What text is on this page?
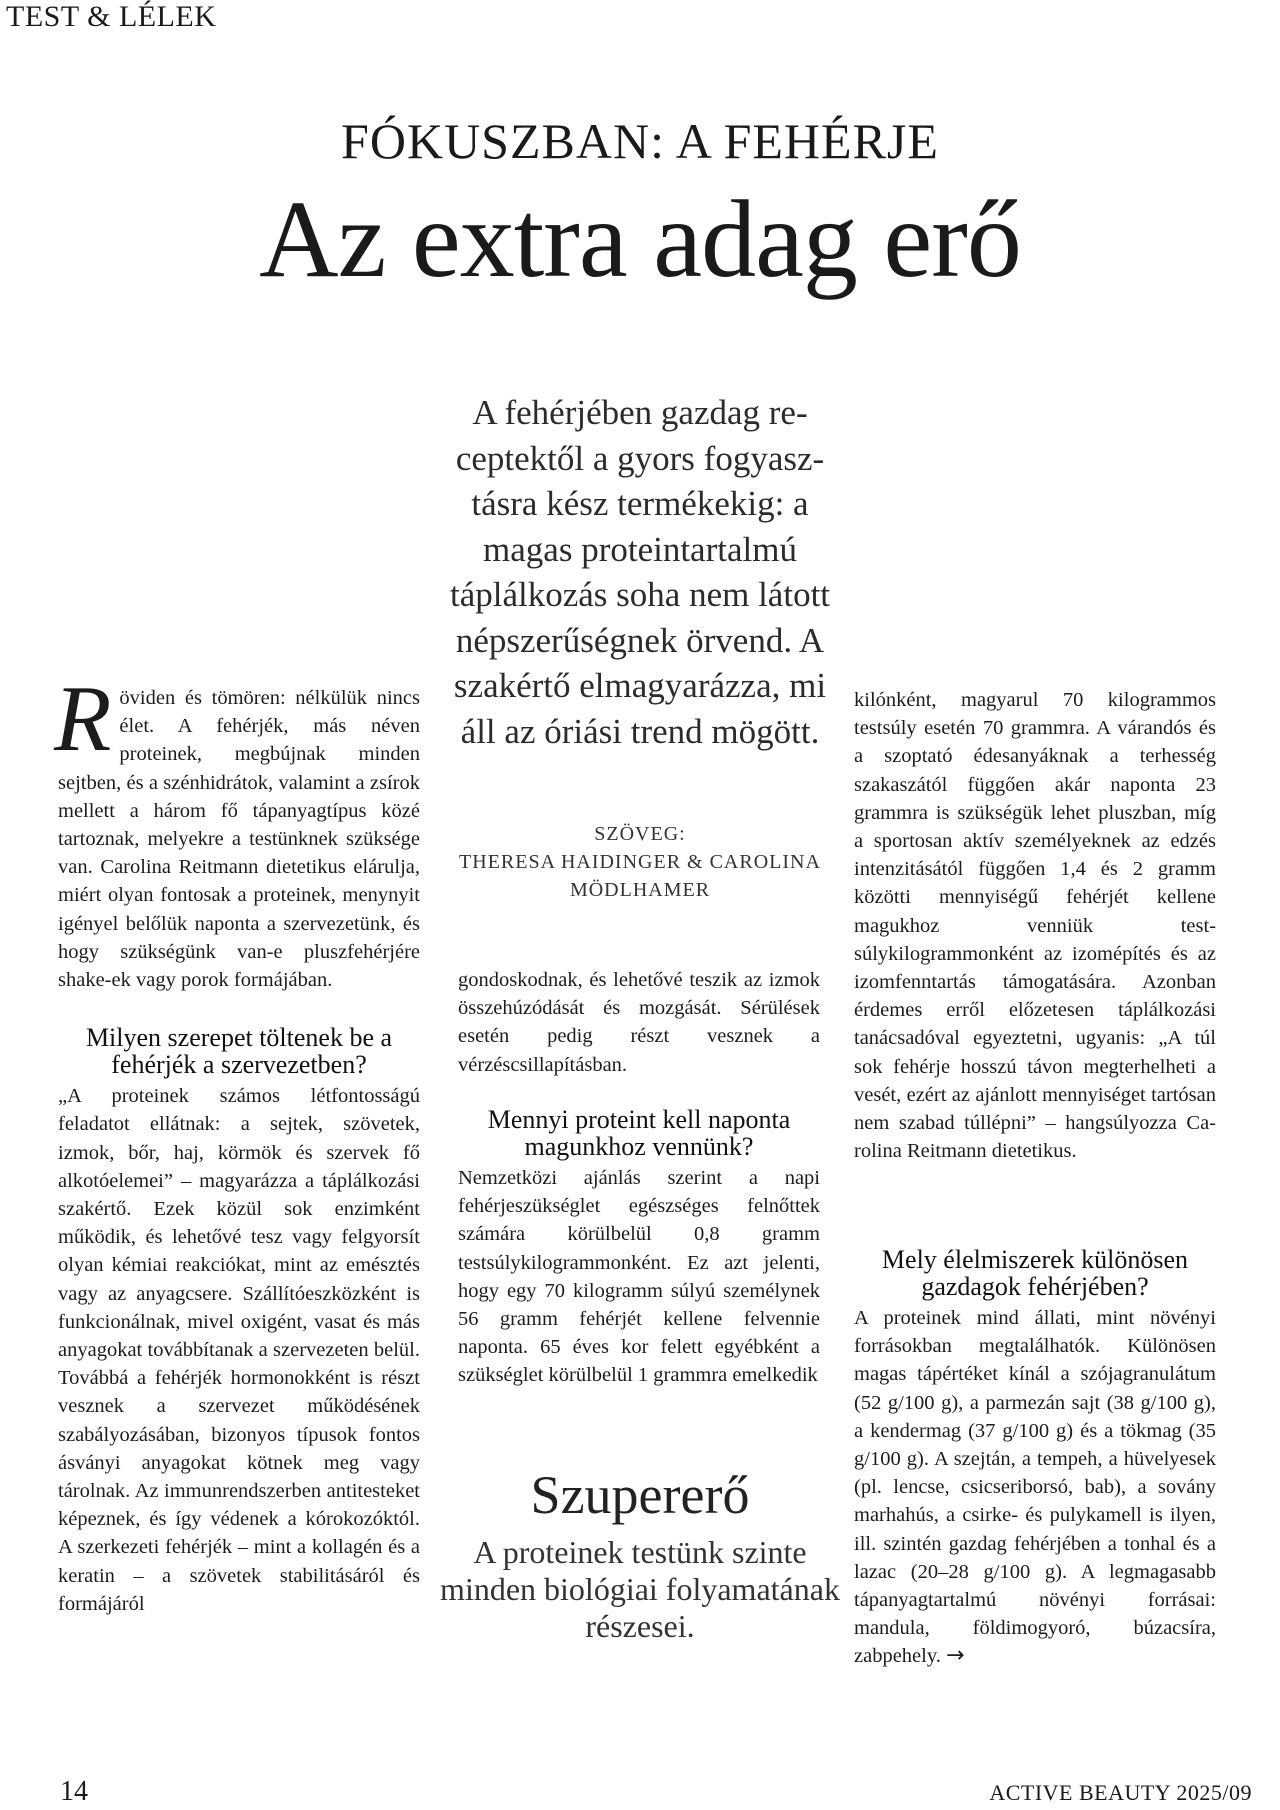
TEST & LÉLEK
FÓKUSZBAN: A FEHÉRJE
Az extra adag erő
A fehérjében gazdag receptektől a gyors fogyasztásra kész termékekig: a magas proteintartalmú táplálkozás soha nem látott népszerűségnek örvend. A szakértő elmagyarázza, mi áll az óriási trend mögött.
SZÖVEG:
THERESA HAIDINGER & CAROLINA MÖDLHAMER

Röviden és tömören: nélkülük nincs élet. A fehérjék, más néven proteinek, megbújnak minden sejtben, és a szénhidrátok, valamint a zsírok mellett a három fő tápanyagtípus közé tartoznak, melyekre a testünknek szüksége van. Carolina Reitmann dietetikus elárulja, miért olyan fontosak a proteinek, menynyit igényel belőlük naponta a szervezetünk, és hogy szükségünk van-e pluszfehérjére shake-ek vagy porok formájában.

Milyen szerepet töltenek be a fehérjék a szervezetben?

„A proteinek számos létfontosságú feladatot ellátnak: a sejtek, szövetek, izmok, bőr, haj, körmök és szervek fő alkotóelemei” – magyarázza a táplálkozási szakértő. Ezek közül sok enzimként működik, és lehetővé tesz vagy felgyorsít olyan kémiai reakciókat, mint az emésztés vagy az anyagcsere. Szállítóeszközként is funkcionálnak, mivel oxigént, vasat és más anyagokat továbbítanak a szervezeten belül. Továbbá a fehérjék hormonokként is részt vesznek a szervezet működésének szabályozásában, bizonyos típusok fontos ásványi anyagokat kötnek meg vagy tárolnak. Az immunrendszerben antitesteket képeznek, és így védenek a kórokozóktól. A szerkezeti fehérjék – mint a kollagén és a keratin – a szövetek stabilitásáról és formájáról

gondoskodnak, és lehetővé teszik az izmok összehúzódását és mozgását. Sérülések esetén pedig részt vesznek a vérzéscsillapításban.

Mennyi proteint kell naponta magunkhoz vennünk?

Nemzetközi ajánlás szerint a napi fehérjeszükséglet egészséges felnőttek számára körülbelül 0,8 gramm testsúlykilogrammonként. Ez azt jelenti, hogy egy 70 kilogramm súlyú személynek 56 gramm fehérjét kellene felvennie naponta. 65 éves kor felett egyébként a szükséglet körülbelül 1 grammra emelkedik

Szupererő
A proteinek testünk szinte minden biológiai folyamatának részesei.

kilónként, magyarul 70 kilogrammos testsúly esetén 70 grammra. A várandós és a szoptató édesanyáknak a terhesség szakaszától függően akár naponta 23 grammra is szükségük lehet pluszban, míg a sportosan aktív személyeknek az edzés intenzitásától függően 1,4 és 2 gramm közötti mennyiségű fehérjét kellene magukhoz venniük testsúlykilogrammonként az izomépítés és az izomfenntartás támogatására. Azonban érdemes erről előzetesen táplálkozási tanácsadóval egyeztetni, ugyanis: „A túl sok fehérje hosszú távon megterhelheti a vesét, ezért az ajánlott mennyiséget tartósan nem szabad túllépni” – hangsúlyozza Carolina Reitmann dietetikus.

Mely élelmiszerek különösen gazdagok fehérjében?

A proteinek mind állati, mint növényi forrásokban megtalálhatók. Különösen magas tápértéket kínál a szójagranulátum (52 g/100 g), a parmezán sajt (38 g/100 g), a kendermag (37 g/100 g) és a tökmag (35 g/100 g). A szejtán, a tempeh, a hüvelyesek (pl. lencse, csicseriborsó, bab), a sovány marhahús, a csirke- és pulykamell is ilyen, ill. szintén gazdag fehérjében a tonhal és a lazac (20–28 g/100 g). A legmagasabb tápanyagtartalmú növényi forrásai: mandula, földimogyoró, búzacsíra, zabpehely. →

14	ACTIVE BEAUTY 2025/09
